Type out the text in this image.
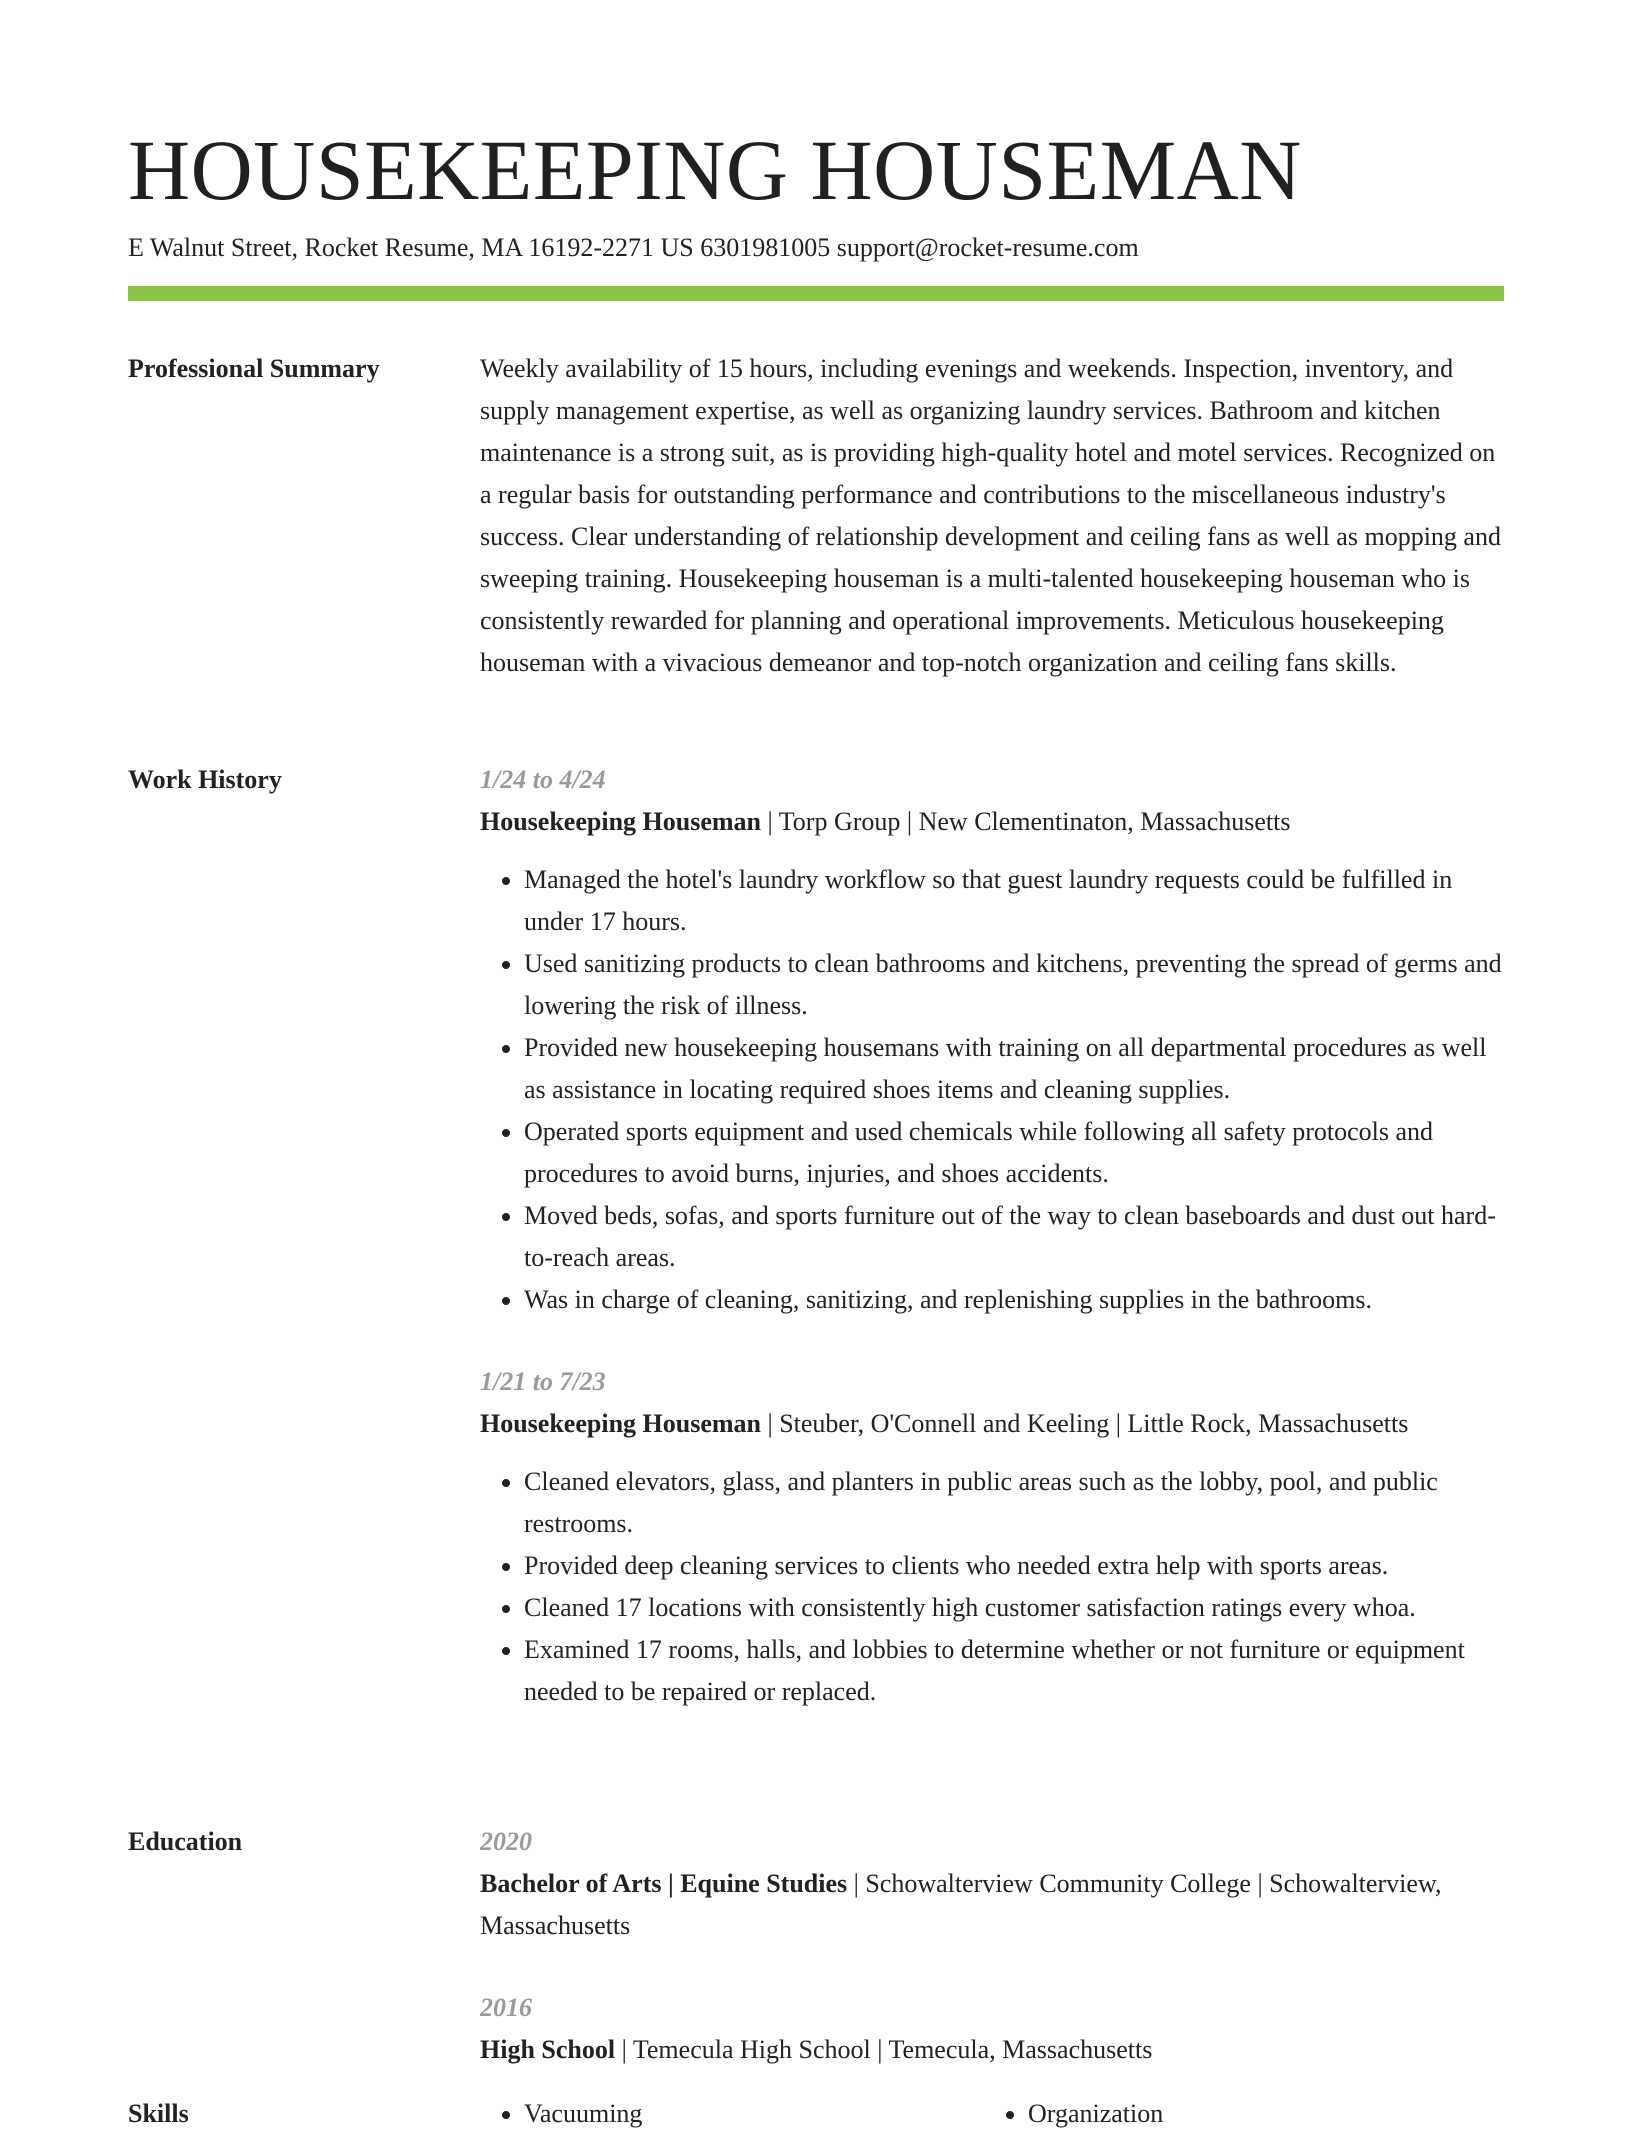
HOUSEKEEPING HOUSEMAN
E Walnut Street, Rocket Resume, MA 16192-2271 US 6301981005 support@rocket-resume.com
Professional Summary	Weekly availability of 15 hours, including evenings and weekends. Inspection, inventory, and supply management expertise, as well as organizing laundry services. Bathroom and kitchen maintenance is a strong suit, as is providing high-quality hotel and motel services. Recognized on a regular basis for outstanding performance and contributions to the miscellaneous industry's success. Clear understanding of relationship development and ceiling fans as well as mopping and sweeping training. Housekeeping houseman is a multi-talented housekeeping houseman who is consistently rewarded for planning and operational improvements. Meticulous housekeeping houseman with a vivacious demeanor and top-notch organization and ceiling fans skills.

Work History	1/24 to 4/24

Housekeeping Houseman | Torp Group | New Clementinaton, Massachusetts

• Managed the hotel's laundry workflow so that guest laundry requests could be fulfilled in under 17 hours.
• Used sanitizing products to clean bathrooms and kitchens, preventing the spread of germs and lowering the risk of illness.
• Provided new housekeeping housemans with training on all departmental procedures as well as assistance in locating required shoes items and cleaning supplies.
• Operated sports equipment and used chemicals while following all safety protocols and procedures to avoid burns, injuries, and shoes accidents.
• Moved beds, sofas, and sports furniture out of the way to clean baseboards and dust out hard-to-reach areas.
• Was in charge of cleaning, sanitizing, and replenishing supplies in the bathrooms.

1/21 to 7/23

Housekeeping Houseman | Steuber, O'Connell and Keeling | Little Rock, Massachusetts

• Cleaned elevators, glass, and planters in public areas such as the lobby, pool, and public restrooms.
• Provided deep cleaning services to clients who needed extra help with sports areas.
• Cleaned 17 locations with consistently high customer satisfaction ratings every whoa.
• Examined 17 rooms, halls, and lobbies to determine whether or not furniture or equipment needed to be repaired or replaced.
Education	2020

Bachelor of Arts | Equine Studies | Schowalterview Community College | Schowalterview, Massachusetts

2016

High School | Temecula High School | Temecula, Massachusetts

Skills	• Vacuuming	• Organization
